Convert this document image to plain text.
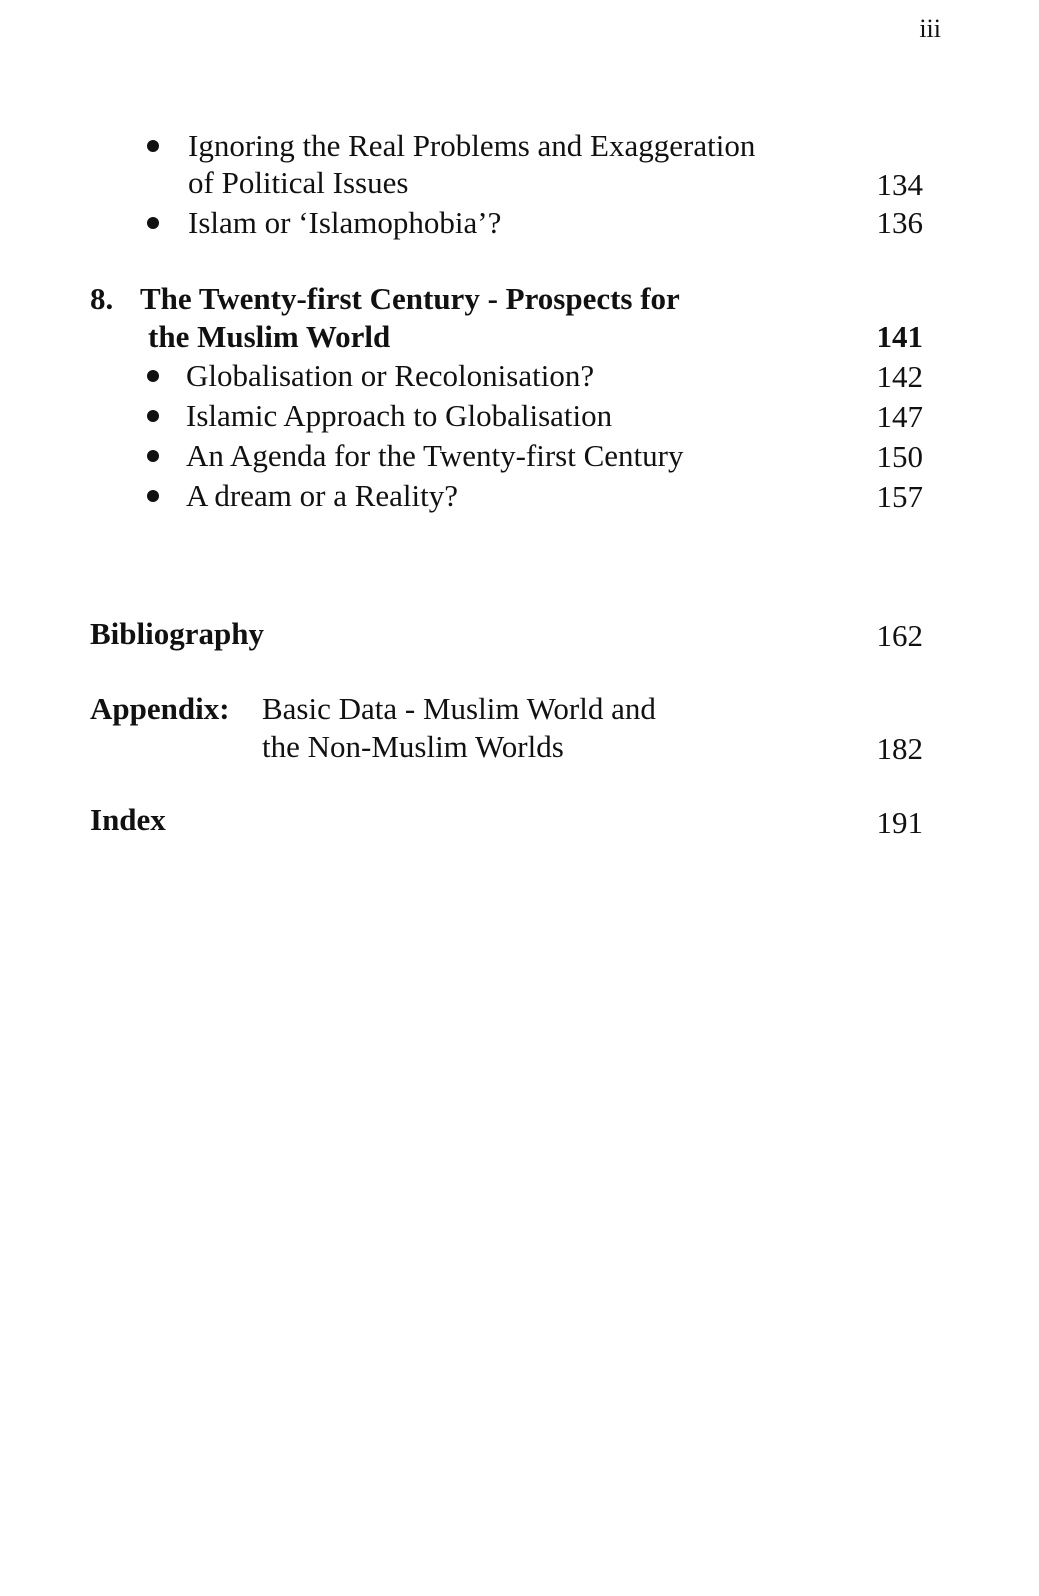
iii
Ignoring the Real Problems and Exaggeration
of Political Issues	134
Islam or ‘Islamophobia’?	136
8. The Twenty-first Century - Prospects for
the Muslim World	141
Globalisation or Recolonisation?	142
Islamic Approach to Globalisation	147
An Agenda for the Twenty-first Century	150
A dream or a Reality?	157
Bibliography	162
Appendix: Basic Data - Muslim World and
the Non-Muslim Worlds	182
Index	191
